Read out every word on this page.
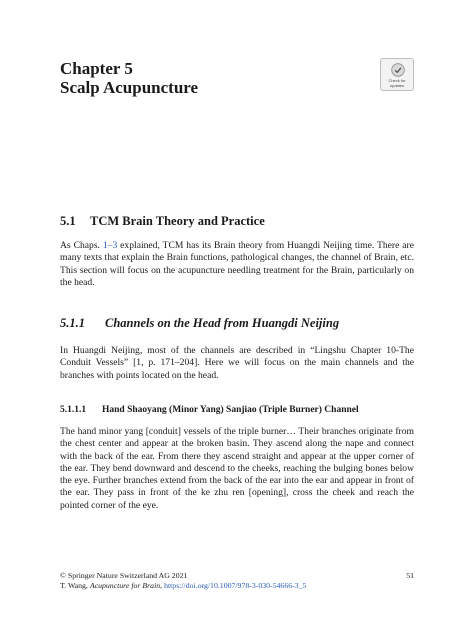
Chapter 5
Scalp Acupuncture	Check for
updates
5.1 TCM Brain Theory and Practice
As Chaps. 1–3 explained, TCM has its Brain theory from Huangdi Neijing time. There are many texts that explain the Brain functions, pathological changes, the channel of Brain, etc. This section will focus on the acupuncture needling treatment for the Brain, particularly on the head.
5.1.1 Channels on the Head from Huangdi Neijing
In Huangdi Neijing, most of the channels are described in “Lingshu Chapter 10-The Conduit Vessels” [1, p. 171–204]. Here we will focus on the main channels and the branches with points located on the head.
5.1.1.1 Hand Shaoyang (Minor Yang) Sanjiao (Triple Burner) Channel
The hand minor yang [conduit] vessels of the triple burner… Their branches originate from the chest center and appear at the broken basin. They ascend along the nape and connect with the back of the ear. From there they ascend straight and appear at the upper corner of the ear. They bend downward and descend to the cheeks, reaching the bulging bones below the eye. Further branches extend from the back of the ear into the ear and appear in front of the ear. They pass in front of the ke zhu ren [opening], cross the cheek and reach the pointed corner of the eye.
© Springer Nature Switzerland AG 2021	51
T. Wang, Acupuncture for Brain, https://doi.org/10.1007/978-3-030-54666-3_5
